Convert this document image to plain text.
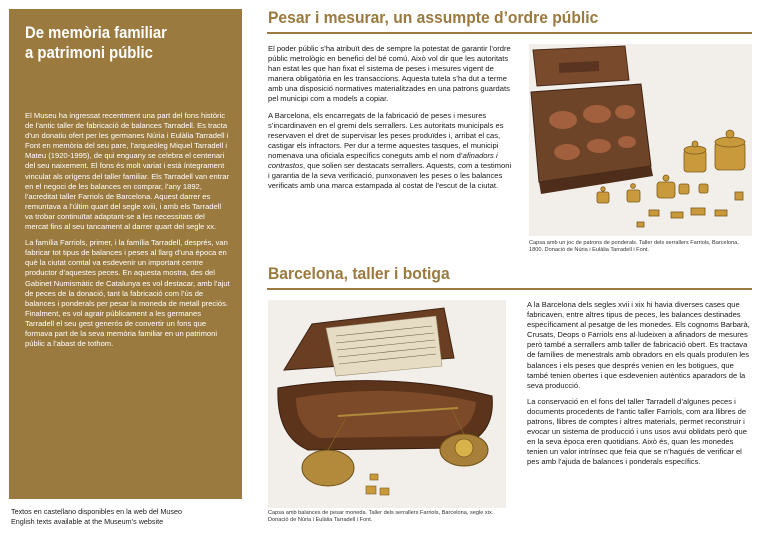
De memòria familiar
a patrimoni públic

El Museu ha ingressat recentment una part del fons històric de l’antic taller de fabricació de balances Tarradell. Es tracta d’un donatiu ofert per les germanes Núria i Eulàlia Tarradell i Font en memòria del seu pare, l’arqueòleg Miquel Tarradell i Mateu (1920-1995), de qui enguany se celebra el centenari del seu naixement. El fons és molt variat i està íntegrament vinculat als orígens del taller familiar. Els Tarradell van entrar en el negoci de les balances en comprar, l’any 1892, l’acreditat taller Farriols de Barcelona. Aquest darrer es remuntava a l’últim quart del segle xviii, i amb els Tarradell va trobar continuïtat adaptant-se a les necessitats del mercat fins al seu tancament al darrer quart del segle xx.

La família Farriols, primer, i la família Tarradell, després, van fabricar tot tipus de balances i peses al llarg d’una època en què la ciutat comtal va esdevenir un important centre productor d’aquestes peces. En aquesta mostra, des del Gabinet Numismàtic de Catalunya es vol destacar, amb l’ajut de peces de la donació, tant la fabricació com l’ús de balances i ponderals per pesar la moneda de metall preciós. Finalment, es vol agrair públicament a les germanes Tarradell el seu gest generós de convertir un fons que formava part de la seva memòria familiar en un patrimoni públic a l’abast de tothom.

Textos en castellano disponibles en la web del Museo
English texts available at the Museum’s website
Pesar i mesurar, un assumpte d’ordre públic

El poder públic s’ha atribuït des de sempre la potestat de garantir l’ordre públic metrològic en benefici del bé comú. Això vol dir que les autoritats han estat les que han fixat el sistema de peses i mesures vigent de manera obligatòria en les transaccions. Aquesta tutela s’ha dut a terme amb una disposició normatives materialitzades en una patrons guardats pel municipi com a models a copiar.

A Barcelona, els encarregats de la fabricació de peses i mesures s’incardinaven en el gremi dels serrallers. Les autoritats municipals es reservaven el dret de supervisar les peses produïdes i, arribat el cas, castigar els infractors. Per dur a terme aquestes tasques, el municipi nomenava una oficiala específics coneguts amb el nom d’afinadors i contrastos, que solien ser destacats serrallers. Aquests, com a testimoni i garantia de la seva verificació, punxonaven les peses o les balances verificats amb una marca estampada al costat de l’escut de la ciutat.

Capsa amb un joc de patrons de ponderals. Taller dels serrallers Farriols, Barcelona, 1800. Donació de Núria i Eulàlia Tarradell i Font.
Barcelona, taller i botiga
Capsa amb balances de pesar moneda. Taller dels serrallers Farriols, Barcelona, segle xix. Donació de Núria i Eulàlia Tarradell i Font.

A la Barcelona dels segles xvii i xix hi havia diverses cases que fabricaven, entre altres tipus de peces, les balances destinades específicament al pesatge de les monedes. Els cognoms Barbarà, Crusats, Deops o Farriols ens al·ludeixen a afinadors de mesures però també a serrallers amb taller de fabricació obert. Es tractava de famílies de menestrals amb obradors en els quals produïen les balances i els peses que després venien en les botigues, que també tenien obertes i que esdevenien autèntics aparadors de la seva producció.

La conservació en el fons del taller Tarradell d’algunes peces i documents procedents de l’antic taller Farriols, com ara llibres de patrons, llibres de comptes i altres materials, permet reconstruir i evocar un sistema de producció i uns usos avui oblidats però que en la seva època eren quotidians. Això és, quan les monedes tenien un valor intrínsec que feia que se n’hagués de verificar el pes amb l’ajuda de balances i ponderals específics.
